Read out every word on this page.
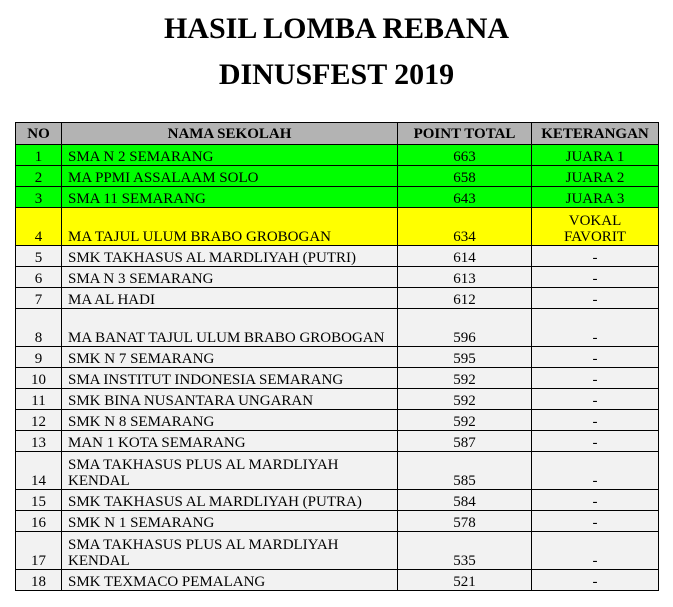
HASIL LOMBA REBANA
DINUSFEST 2019
NO	NAMA SEKOLAH	POINT TOTAL	KETERANGAN
1	SMA N 2 SEMARANG	663	JUARA 1
2	MA PPMI ASSALAAM SOLO	658	JUARA 2
3	SMA 11 SEMARANG	643	JUARA 3
4	MA TAJUL ULUM BRABO GROBOGAN	634	VOKAL FAVORIT
5	SMK TAKHASUS AL MARDLIYAH (PUTRI)	614	-
6	SMA N 3 SEMARANG	613	-
7	MA AL HADI	612	-
8	MA BANAT TAJUL ULUM BRABO GROBOGAN	596	-
9	SMK N 7 SEMARANG	595	-
10	SMA INSTITUT INDONESIA SEMARANG	592	-
11	SMK BINA NUSANTARA UNGARAN	592	-
12	SMK N 8 SEMARANG	592	-
13	MAN 1 KOTA SEMARANG	587	-
14	SMA TAKHASUS PLUS AL MARDLIYAH KENDAL	585	-
15	SMK TAKHASUS AL MARDLIYAH (PUTRA)	584	-
16	SMK N 1 SEMARANG	578	-
17	SMA TAKHASUS PLUS AL MARDLIYAH KENDAL	535	-
18	SMK TEXMACO PEMALANG	521	-
